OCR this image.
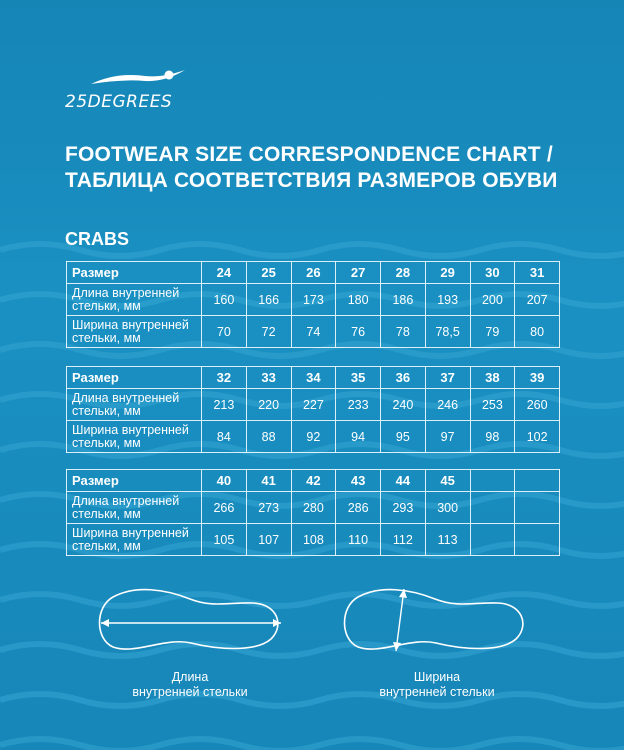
25DEGREES
FOOTWEAR SIZE CORRESPONDENCE CHART /
ТАБЛИЦА СООТВЕТСТВИЯ РАЗМЕРОВ ОБУВИ
CRABS
Размер	24	25	26	27	28	29	30	31
Длина внутренней
стельки, мм	160	166	173	180	186	193	200	207
Ширина внутренней
стельки, мм	70	72	74	76	78	78,5	79	80
Размер	32	33	34	35	36	37	38	39
Длина внутренней
стельки, мм	213	220	227	233	240	246	253	260
Ширина внутренней
стельки, мм	84	88	92	94	95	97	98	102
Размер	40	41	42	43	44	45		
Длина внутренней
стельки, мм	266	273	280	286	293	300		
Ширина внутренней
стельки, мм	105	107	108	110	112	113		
Длина
внутренней стельки
Ширина
внутренней стельки
